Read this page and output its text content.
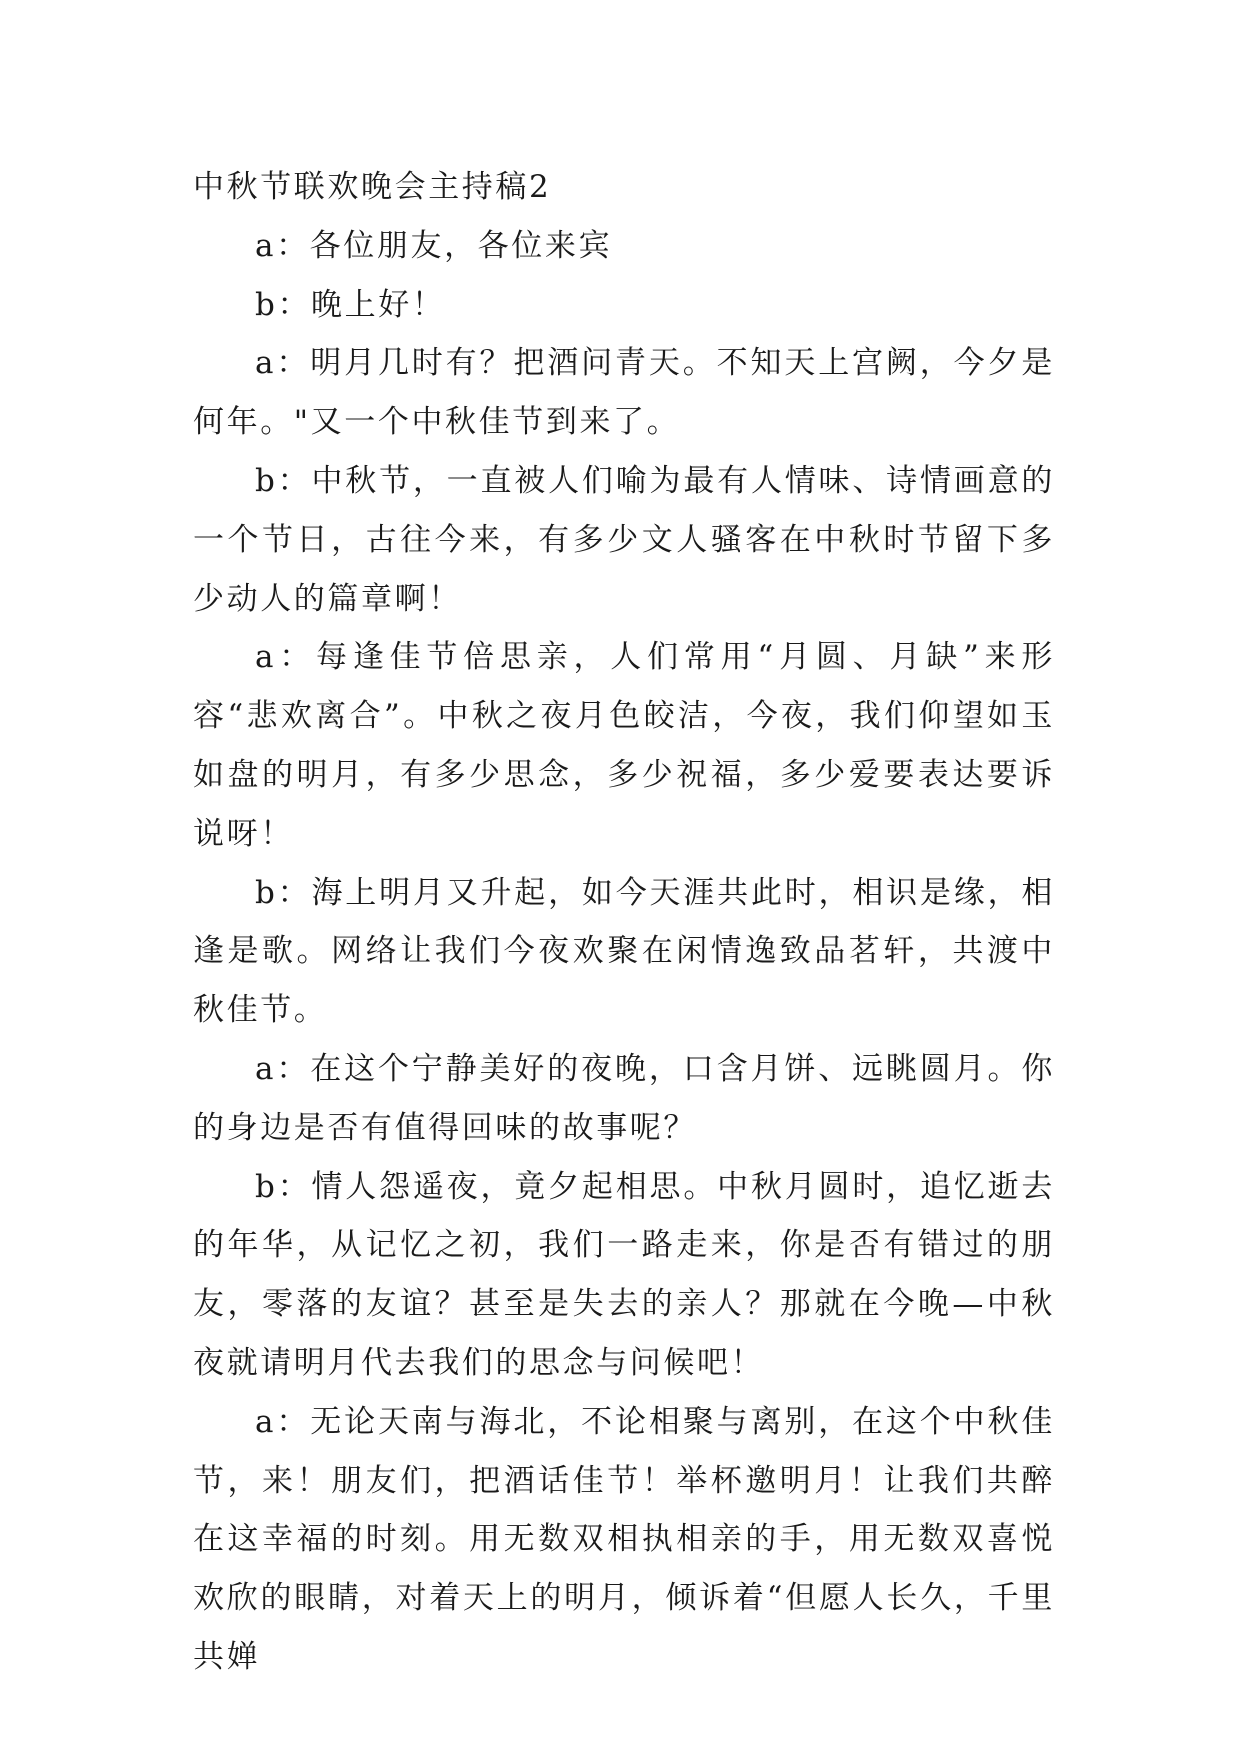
中秋节联欢晚会主持稿2

a：各位朋友，各位来宾

b：晚上好！

a：明月几时有？把酒问青天。不知天上宫阙，今夕是何年。"又一个中秋佳节到来了。

b：中秋节，一直被人们喻为最有人情味、诗情画意的一个节日，古往今来，有多少文人骚客在中秋时节留下多少动人的篇章啊！

a：每逢佳节倍思亲，人们常用“月圆、月缺”来形容“悲欢离合”。中秋之夜月色皎洁，今夜，我们仰望如玉如盘的明月，有多少思念，多少祝福，多少爱要表达要诉说呀！

b：海上明月又升起，如今天涯共此时，相识是缘，相逢是歌。网络让我们今夜欢聚在闲情逸致品茗轩，共渡中秋佳节。

a：在这个宁静美好的夜晚，口含月饼、远眺圆月。你的身边是否有值得回味的故事呢？

b：情人怨遥夜，竟夕起相思。中秋月圆时，追忆逝去的年华，从记忆之初，我们一路走来，你是否有错过的朋友，零落的友谊？甚至是失去的亲人？那就在今晚—中秋夜就请明月代去我们的思念与问候吧！

a：无论天南与海北，不论相聚与离别，在这个中秋佳节，来！朋友们，把酒话佳节！举杯邀明月！让我们共醉在这幸福的时刻。用无数双相执相亲的手，用无数双喜悦欢欣的眼睛，对着天上的明月，倾诉着“但愿人长久，千里共婵
